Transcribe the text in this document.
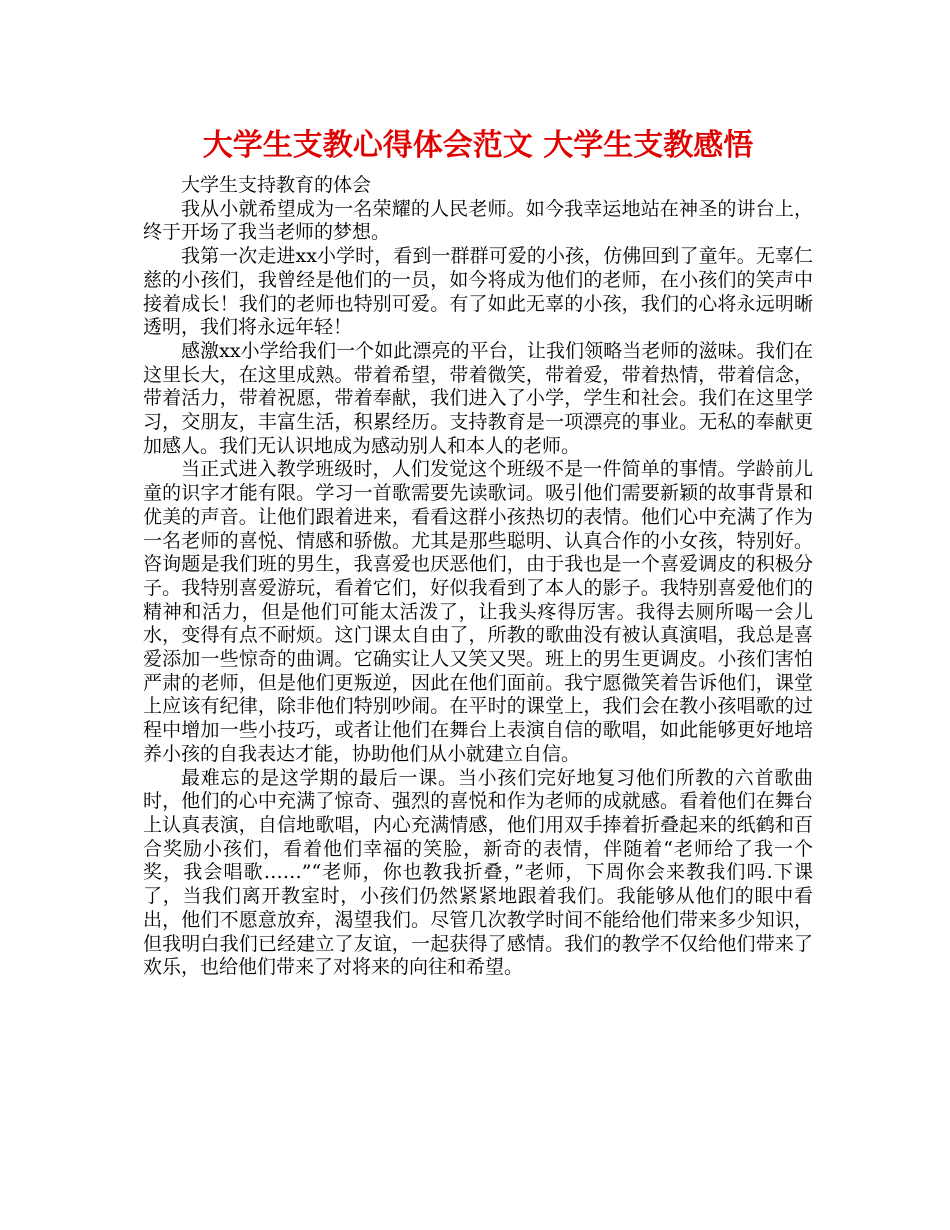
大学生支教心得体会范文 大学生支教感悟

大学生支持教育的体会

我从小就希望成为一名荣耀的人民老师。如今我幸运地站在神圣的讲台上，终于开场了我当老师的梦想。

我第一次走进xx小学时，看到一群群可爱的小孩，仿佛回到了童年。无辜仁慈的小孩们，我曾经是他们的一员，如今将成为他们的老师，在小孩们的笑声中接着成长！我们的老师也特别可爱。有了如此无辜的小孩，我们的心将永远明晰透明，我们将永远年轻！

感激xx小学给我们一个如此漂亮的平台，让我们领略当老师的滋味。我们在这里长大，在这里成熟。带着希望，带着微笑，带着爱，带着热情，带着信念，带着活力，带着祝愿，带着奉献，我们进入了小学，学生和社会。我们在这里学习，交朋友，丰富生活，积累经历。支持教育是一项漂亮的事业。无私的奉献更加感人。我们无认识地成为感动别人和本人的老师。

当正式进入教学班级时，人们发觉这个班级不是一件简单的事情。学龄前儿童的识字才能有限。学习一首歌需要先读歌词。吸引他们需要新颖的故事背景和优美的声音。让他们跟着进来，看看这群小孩热切的表情。他们心中充满了作为一名老师的喜悦、情感和骄傲。尤其是那些聪明、认真合作的小女孩，特别好。咨询题是我们班的男生，我喜爱也厌恶他们，由于我也是一个喜爱调皮的积极分子。我特别喜爱游玩，看着它们，好似我看到了本人的影子。我特别喜爱他们的精神和活力，但是他们可能太活泼了，让我头疼得厉害。我得去厕所喝一会儿水，变得有点不耐烦。这门课太自由了，所教的歌曲没有被认真演唱，我总是喜爱添加一些惊奇的曲调。它确实让人又笑又哭。班上的男生更调皮。小孩们害怕严肃的老师，但是他们更叛逆，因此在他们面前。我宁愿微笑着告诉他们，课堂上应该有纪律，除非他们特别吵闹。在平时的课堂上，我们会在教小孩唱歌的过程中增加一些小技巧，或者让他们在舞台上表演自信的歌唱，如此能够更好地培养小孩的自我表达才能，协助他们从小就建立自信。

最难忘的是这学期的最后一课。当小孩们完好地复习他们所教的六首歌曲时，他们的心中充满了惊奇、强烈的喜悦和作为老师的成就感。看着他们在舞台上认真表演，自信地歌唱，内心充满情感，他们用双手捧着折叠起来的纸鹤和百合奖励小孩们，看着他们幸福的笑脸，新奇的表情，伴随着“老师给了我一个奖，我会唱歌……”“老师，你也教我折叠，”老师，下周你会来教我们吗.下课了，当我们离开教室时，小孩们仍然紧紧地跟着我们。我能够从他们的眼中看出，他们不愿意放弃，渴望我们。尽管几次教学时间不能给他们带来多少知识，但我明白我们已经建立了友谊，一起获得了感情。我们的教学不仅给他们带来了欢乐，也给他们带来了对将来的向往和希望。
